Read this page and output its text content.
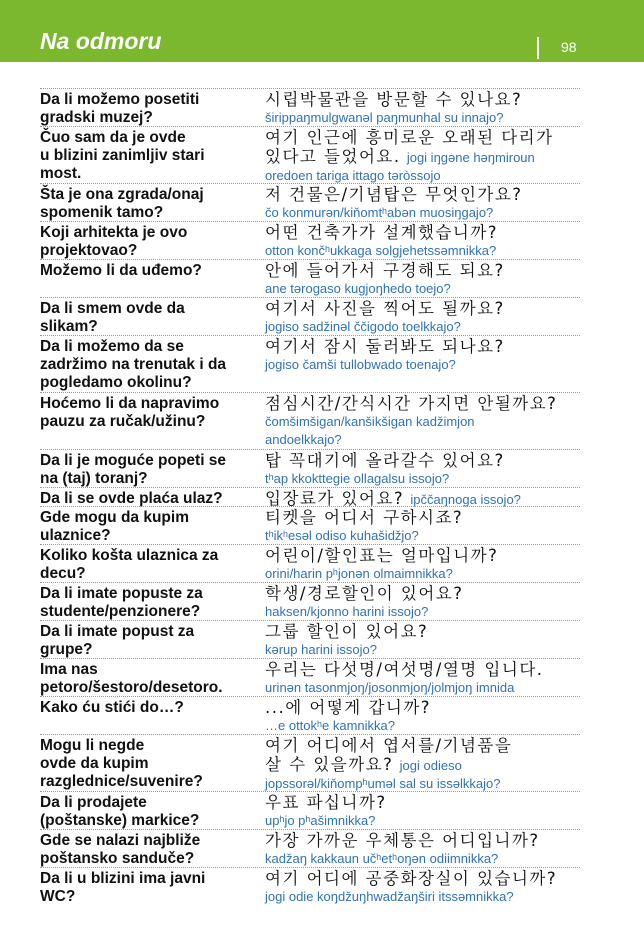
Na odmoru	98
Da li možemo posetiti
gradski muzej?
시립박물관을 방문할 수 있나요?
širippaŋmulgwanəl paŋmunhal su innajo?
Čuo sam da je ovde
u blizini zanimljiv stari
most.
여기 인근에 흥미로운 오래된 다리가
있다고 들었어요. jogi iŋgəne həŋmiroun
oredoen tariga ittago təròssojo
Šta je ona zgrada/onaj
spomenik tamo?
저 건물은/기념탑은 무엇인가요?
čo konmurən/kiňomtʰabən muosiŋgajo?
Koji arhitekta je ovo
projektovao?
어떤 건축가가 설계했습니까?
otton končʰukkaga solgjehetssəmnikka?
Možemo li da uđemo?	안에 들어가서 구경해도 되요?
ane tərogaso kugjoŋhedo toejo?
Da li smem ovde da
slikam?
여기서 사진을 찍어도 될까요?
jogiso sadžinəl ččigodo toelkkajo?
Da li možemo da se
zadržimo na trenutak i da
pogledamo okolinu?
여기서 잠시 둘러봐도 되나요?
jogiso čamši tullobwado toenajo?
Hoćemo li da napravimo
pauzu za ručak/užinu?
점심시간/간식시간 가지면 안될까요?
čomšimšigan/kanšikšigan kadžimjon
andoelkkajo?
Da li je moguće popeti se
na (taj) toranj?
탑 꼭대기에 올라갈수 있어요?
tʰap kkokttegie ollagalsu issojo?
Da li se ovde plaća ulaz?	입장료가 있어요? ipččaŋnoga issojo?
Gde mogu da kupim
ulaznice?
티켓을 어디서 구하시죠?
tʰikʰesəl odiso kuhašidžjo?
Koliko košta ulaznica za
decu?
어린이/할인표는 얼마입니까?
orini/harin pʰjonən olmaimnikka?
Da li imate popuste za
studente/penzionere?
학생/경로할인이 있어요?
haksen/kjonno harini issojo?
Da li imate popust za
grupe?
그룹 할인이 있어요?
kərup harini issojo?
Ima nas
petoro/šestoro/desetoro.
우리는 다섯명/여섯명/열명 입니다.
urinən tasonmjoŋ/josonmjoŋ/jolmjoŋ imnida
Kako ću stići do…?	...에 어떻게 갑니까?
…e ottokʰe kamnikka?
Mogu li negde
ovde da kupim
razglednice/suvenire?
여기 어디에서 엽서를/기념품을
살 수 있을까요? jogi odieso
jopssorəl/kiňompʰuməl sal su issəlkkajo?
Da li prodajete
(poštanske) markice?
우표 파십니까?
upʰjo pʰašimnikka?
Gde se nalazi najbliže
poštansko sanduče?
가장 가까운 우체통은 어디입니까?
kadžaŋ kakkaun učʰetʰoŋən odiimnikka?
Da li u blizini ima javni
WC?
여기 어디에 공중화장실이 있습니까?
jogi odie koŋdžuŋhwadžaŋširi itssəmnikka?
